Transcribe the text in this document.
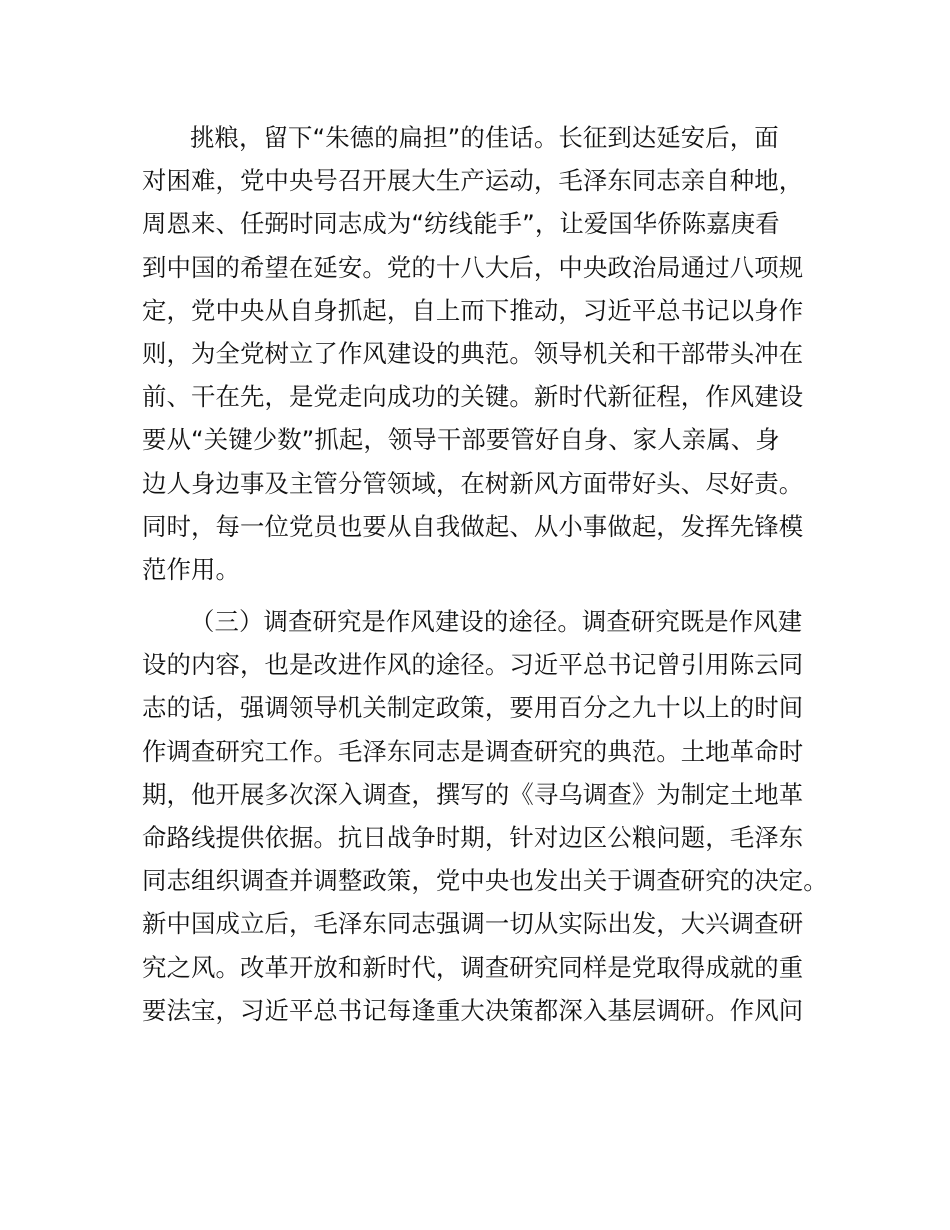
挑粮，留下“朱德的扁担”的佳话。长征到达延安后，面
对困难，党中央号召开展大生产运动，毛泽东同志亲自种地，
周恩来、任弼时同志成为“纺线能手”，让爱国华侨陈嘉庚看
到中国的希望在延安。党的十八大后，中央政治局通过八项规
定，党中央从自身抓起，自上而下推动，习近平总书记以身作
则，为全党树立了作风建设的典范。领导机关和干部带头冲在
前、干在先，是党走向成功的关键。新时代新征程，作风建设
要从“关键少数”抓起，领导干部要管好自身、家人亲属、身
边人身边事及主管分管领域，在树新风方面带好头、尽好责。
同时，每一位党员也要从自我做起、从小事做起，发挥先锋模
范作用。

（三）调查研究是作风建设的途径。调查研究既是作风建
设的内容，也是改进作风的途径。习近平总书记曾引用陈云同
志的话，强调领导机关制定政策，要用百分之九十以上的时间
作调查研究工作。毛泽东同志是调查研究的典范。土地革命时
期，他开展多次深入调查，撰写的《寻乌调查》为制定土地革
命路线提供依据。抗日战争时期，针对边区公粮问题，毛泽东
同志组织调查并调整政策，党中央也发出关于调查研究的决定。
新中国成立后，毛泽东同志强调一切从实际出发，大兴调查研
究之风。改革开放和新时代，调查研究同样是党取得成就的重
要法宝，习近平总书记每逢重大决策都深入基层调研。作风问
